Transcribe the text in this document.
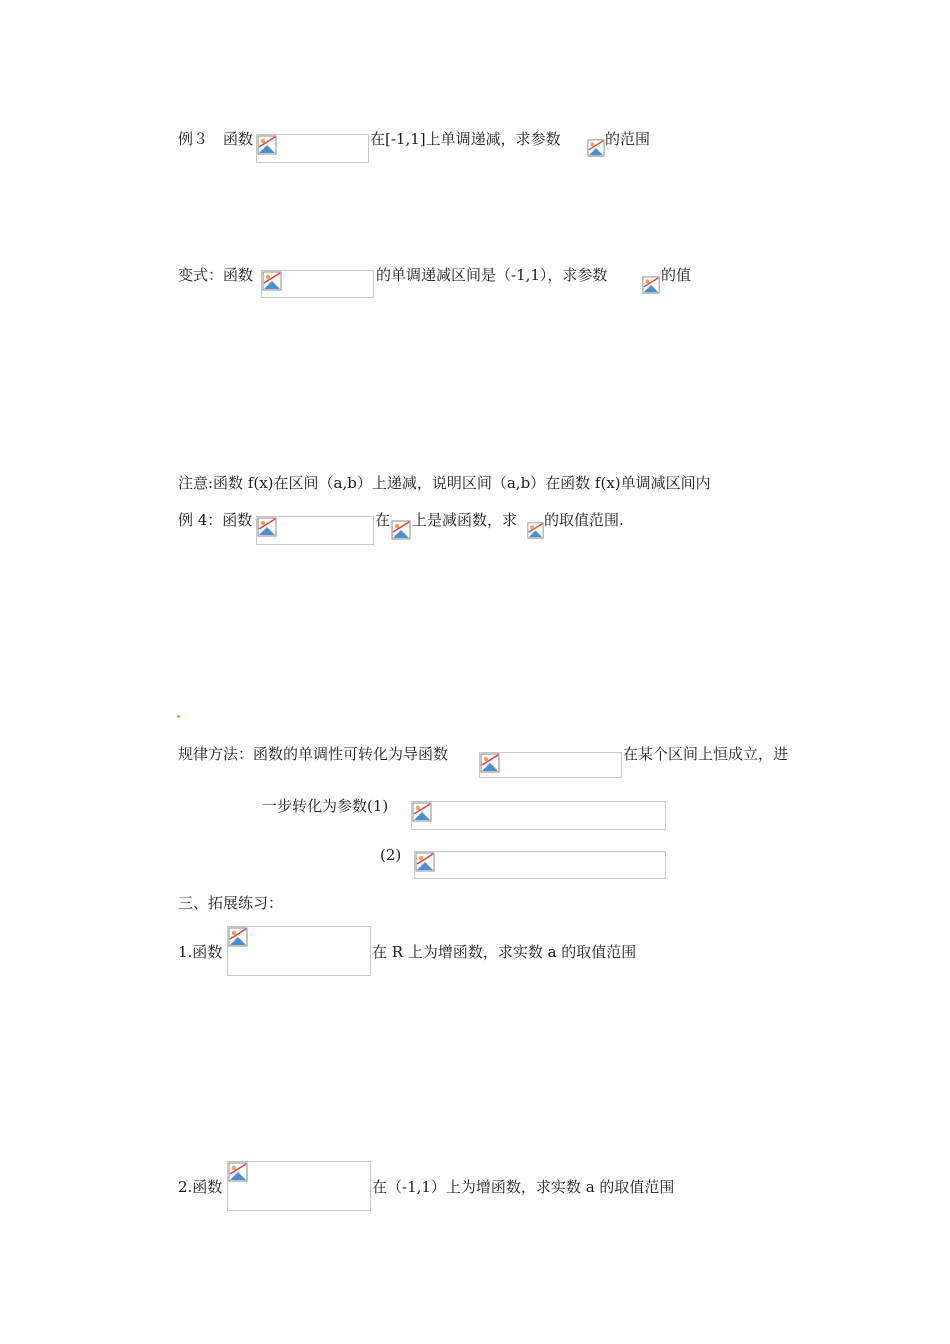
例３　函数	在[-1,1]上单调递减，求参数	的范围
变式：函数	的单调递减区间是（-1,1），求参数	的值
注意:函数 f(x)在区间（a,b）上递减，说明区间（a,b）在函数 f(x)单调减区间内
例 4：函数	在 上是减函数，求 的取值范围.
规律方法：函数的单调性可转化为导函数	在某个区间上恒成立，进
一步转化为参数(1)
(2)
三、拓展练习：
1.函数	在 R 上为增函数，求实数 a 的取值范围
2.函数	在（-1,1）上为增函数，求实数 a 的取值范围
